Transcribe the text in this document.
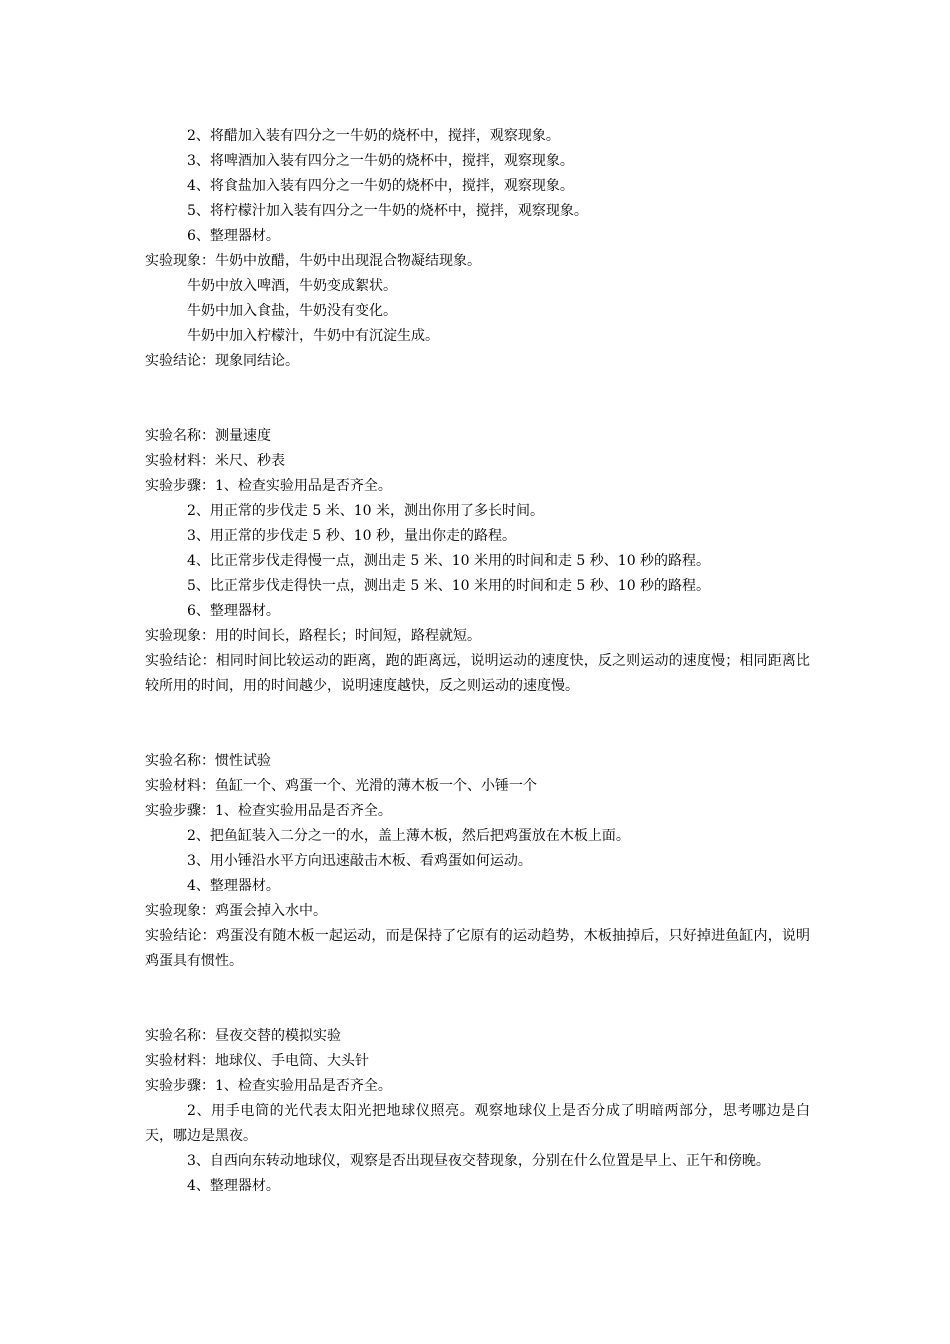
2、将醋加入装有四分之一牛奶的烧杯中，搅拌，观察现象。
3、将啤酒加入装有四分之一牛奶的烧杯中，搅拌，观察现象。
4、将食盐加入装有四分之一牛奶的烧杯中，搅拌，观察现象。
5、将柠檬汁加入装有四分之一牛奶的烧杯中，搅拌，观察现象。
6、整理器材。
实验现象：牛奶中放醋，牛奶中出现混合物凝结现象。
牛奶中放入啤酒，牛奶变成絮状。
牛奶中加入食盐，牛奶没有变化。
牛奶中加入柠檬汁，牛奶中有沉淀生成。
实验结论：现象同结论。
实验名称：测量速度
实验材料：米尺、秒表
实验步骤：1、检查实验用品是否齐全。
2、用正常的步伐走 5 米、10 米，测出你用了多长时间。
3、用正常的步伐走 5 秒、10 秒，量出你走的路程。
4、比正常步伐走得慢一点，测出走 5 米、10 米用的时间和走 5 秒、10 秒的路程。
5、比正常步伐走得快一点，测出走 5 米、10 米用的时间和走 5 秒、10 秒的路程。
6、整理器材。
实验现象：用的时间长，路程长；时间短，路程就短。
实验结论：相同时间比较运动的距离，跑的距离远，说明运动的速度快，反之则运动的速度慢；相同距离比较所用的时间，用的时间越少，说明速度越快，反之则运动的速度慢。
实验名称：惯性试验
实验材料：鱼缸一个、鸡蛋一个、光滑的薄木板一个、小锤一个
实验步骤：1、检查实验用品是否齐全。
2、把鱼缸装入二分之一的水，盖上薄木板，然后把鸡蛋放在木板上面。
3、用小锤沿水平方向迅速敲击木板、看鸡蛋如何运动。
4、整理器材。
实验现象：鸡蛋会掉入水中。
实验结论：鸡蛋没有随木板一起运动，而是保持了它原有的运动趋势，木板抽掉后，只好掉进鱼缸内，说明鸡蛋具有惯性。
实验名称：昼夜交替的模拟实验
实验材料：地球仪、手电筒、大头针
实验步骤：1、检查实验用品是否齐全。
2、用手电筒的光代表太阳光把地球仪照亮。观察地球仪上是否分成了明暗两部分，思考哪边是白天，哪边是黑夜。
3、自西向东转动地球仪，观察是否出现昼夜交替现象，分别在什么位置是早上、正午和傍晚。
4、整理器材。
